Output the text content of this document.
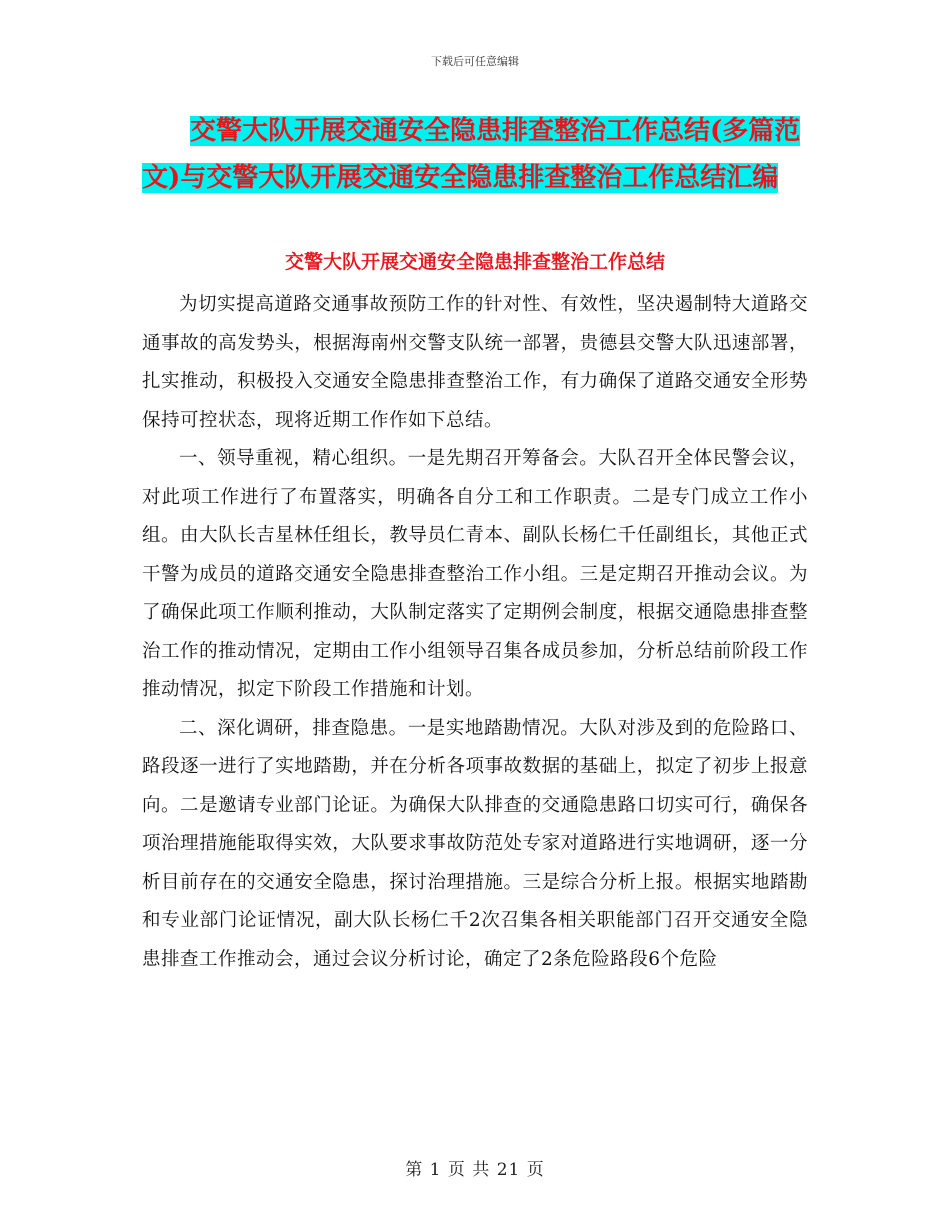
下载后可任意编辑
交警大队开展交通安全隐患排查整治工作总结(多篇范
文)与交警大队开展交通安全隐患排查整治工作总结汇编
交警大队开展交通安全隐患排查整治工作总结

为切实提高道路交通事故预防工作的针对性、有效性，坚决遏制特大道路交通事故的高发势头，根据海南州交警支队统一部署，贵德县交警大队迅速部署，扎实推动，积极投入交通安全隐患排查整治工作，有力确保了道路交通安全形势保持可控状态，现将近期工作作如下总结。

一、领导重视，精心组织。一是先期召开筹备会。大队召开全体民警会议，对此项工作进行了布置落实，明确各自分工和工作职责。二是专门成立工作小组。由大队长吉星林任组长，教导员仁青本、副队长杨仁千任副组长，其他正式干警为成员的道路交通安全隐患排查整治工作小组。三是定期召开推动会议。为了确保此项工作顺利推动，大队制定落实了定期例会制度，根据交通隐患排查整治工作的推动情况，定期由工作小组领导召集各成员参加，分析总结前阶段工作推动情况，拟定下阶段工作措施和计划。

二、深化调研，排查隐患。一是实地踏勘情况。大队对涉及到的危险路口、路段逐一进行了实地踏勘，并在分析各项事故数据的基础上，拟定了初步上报意向。二是邀请专业部门论证。为确保大队排查的交通隐患路口切实可行，确保各项治理措施能取得实效，大队要求事故防范处专家对道路进行实地调研，逐一分析目前存在的交通安全隐患，探讨治理措施。三是综合分析上报。根据实地踏勘和专业部门论证情况，副大队长杨仁千2次召集各相关职能部门召开交通安全隐患排查工作推动会，通过会议分析讨论，确定了2条危险路段6个危险

第 1 页 共 21 页
